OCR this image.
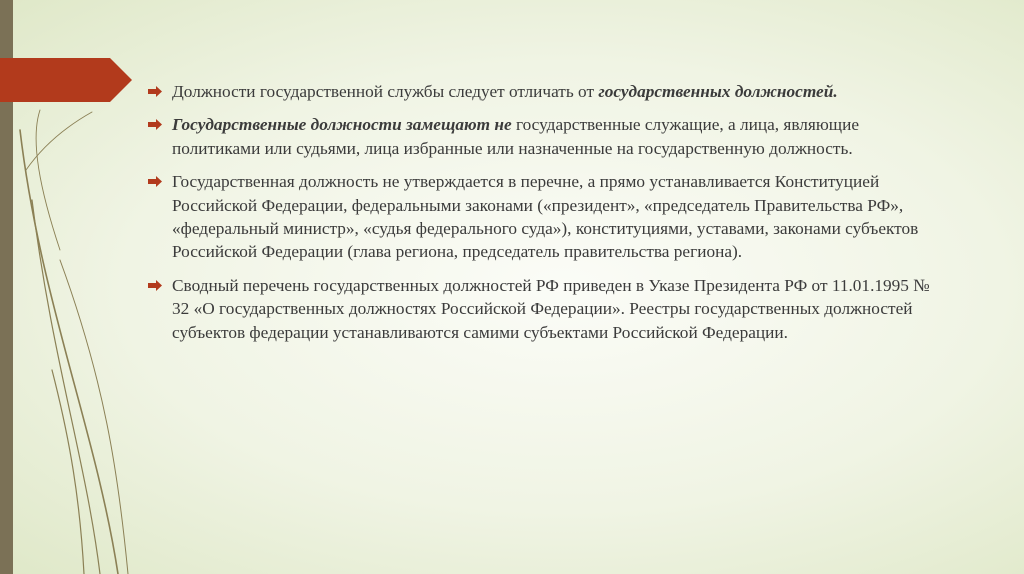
Должности государственной службы следует отличать от государственных должностей.
Государственные должности замещают не государственные служащие, а лица, являющие политиками или судьями, лица избранные или назначенные на государственную должность.
Государственная должность не утверждается в перечне, а прямо устанавливается Конституцией Российской Федерации, федеральными законами («президент», «председатель Правительства РФ», «федеральный министр», «судья федерального суда»), конституциями, уставами, законами субъектов Российской Федерации (глава региона, председатель правительства региона).
Сводный перечень государственных должностей РФ приведен в Указе Президента РФ от 11.01.1995 № 32 «О государственных должностях Российской Федерации». Реестры государственных должностей субъектов федерации устанавливаются самими субъектами Российской Федерации.
